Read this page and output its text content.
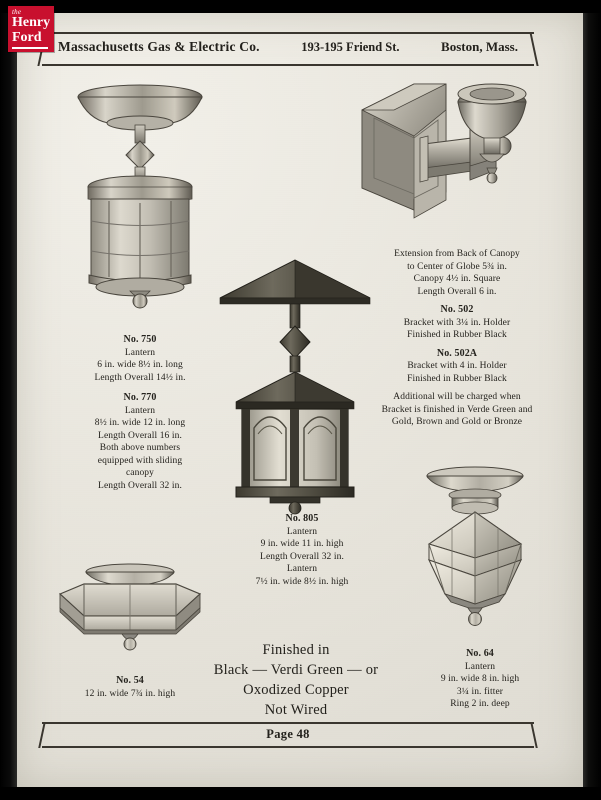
the
Henry
Ford
Massachusetts Gas & Electric Co.	193-195 Friend St.	Boston, Mass.
No. 750
Lantern
6 in. wide 8½ in. long
Length Overall 14½ in.
No. 770
Lantern
8½ in. wide 12 in. long
Length Overall 16 in.
Both above numbers
equipped with sliding
canopy
Length Overall 32 in.
Extension from Back of Canopy
to Center of Globe 5¾ in.
Canopy 4½ in. Square
Length Overall 6 in.
No. 502
Bracket with 3¼ in. Holder
Finished in Rubber Black
No. 502A
Bracket with 4 in. Holder
Finished in Rubber Black
Additional will be charged when
Bracket is finished in Verde Green and
Gold, Brown and Gold or Bronze
No. 805
Lantern
9 in. wide 11 in. high
Length Overall 32 in.
Lantern
7½ in. wide 8½ in. high
No. 54
12 in. wide 7¾ in. high
No. 64
Lantern
9 in. wide 8 in. high
3¼ in. fitter
Ring 2 in. deep
Finished in
Black — Verdi Green — or
Oxodized Copper
Not Wired
Page 48
